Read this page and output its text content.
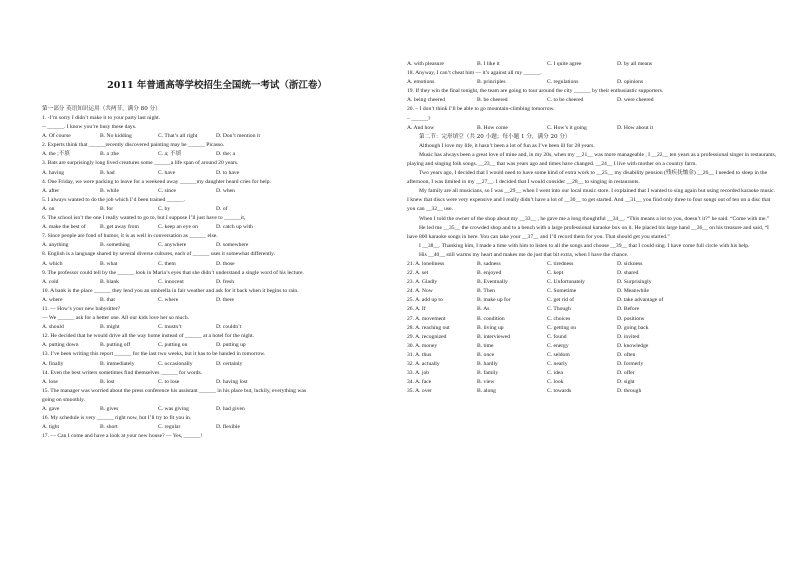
2011 年普通高等学校招生全国统一考试（浙江卷）
第一部分 英语知识运用（共两节，满分 80 分）
1. -I’m sorry I didn’t make it to your party last night.
-- ______. I know you’re busy these days.
A. Of course	B. No kidding	C. That’s all right	D. Don’t mention it
2. Experts think that ______recently discovered painting may be ______ Picasso.
A. the ;不填	B. a ;the	C. a; 不填	D. the; a
3. Bats are surprisingly long lived creatures some ______a life span of around 20 years.
A. having	B. had	C. have	D. to have
4. One Friday, we were packing to leave for a weekend away ______my daughter heard cries for help.
A. after	B. while	C. since	D. when
5. I always wanted to do the job which I’d been trained ______.
A. on	B. for	C. by	D. of
6. The school isn’t the one I really wanted to go to, but I suppose I’ll just have to ______it,
A. make the best of	B. get away from	C. keep an eye on	D. catch up with
7. Since people are fond of humor, it is as well in conversation as ______ else.
A. anything	B. something	C. anywhere	D. somewhere
8. English is a language shared by several diverse cultures, each of ______ uses it somewhat differently.
A. which	B. what	C. them	D. those
9. The professor could tell by the ______ look in Maria’s eyes that she didn’t understand a single word of his lecture.
A. cold	B. blank	C. innocent	D. fresh
10. A bank is the place ______ they lend you an umbrella in fair weather and ask for it back when it begins to rain.
A. where	B. that	C. where	D. there
11. — How’s your new babysitter?
— We ______ ask for a better one. All our kids love her so much.
A. should	B. might	C. mustn’t	D. couldn’t
12. He decided that he would drive all the way home instead of ______ at a hotel for the night.
A. putting down	B. putting off	C. putting on	D. putting up
13. I’ve been writing this report ______ for the last two weeks, but it has to be handed in tomorrow.
A. finally	B. immediately	C. occasionally	D. certainly
14. Even the best writers sometimes find themselves ______ for words.
A. lose	B. lost	C. to lose	D. having lost
15. The manager was worried about the press conference his assistant ______ in his place but, luckily, everything was
going on smoothly.
A. gave	B. gives	C. was giving	D. had given
16. My schedule is very ______ right now, but I’ll try to fit you in.
A. tight	B. short	C. regular	D. flexible
17. — Can I come and have a look at your new house? — Yes, ______!
A. with pleasure	B. I like it	C. I quite agree	D. by all means
18. Anyway, I can’t cheat him — it’s against all my ______.
A. emotions	B. principles	C. regulations	D. opinions
19. If they win the final tonight, the team are going to tour around the city ______ by their enthusiastic supporters.
A. being cheered	B. be cheered	C. to be cheered	D. were cheered
20. – I don’t think I’ll be able to go mountain-climbing tomorrow.
– ______?
A. And how	B. How come	C. How’s it going	D. How about it
第二节：完形填空（共 20 小题；每小题 1 分，满分 20 分）
Although I love my life, it hasn’t been a lot of fun as I’ve been ill for 28 years.
Music has always been a great love of mine and, in my 20s, when my __21__ was more manageable , I __22__ ten years as a professional singer in restaurants, playing and singing folk songs. __23__ that was years ago and times have changed. __24__ I live with mother on a country farm.
Two years ago, I decided that I would need to have some kind of extra work to __25__ my disability pension (残疾抚恤金) __26__ I needed to sleep in the afternoon, I was limited in my __27__. I decided that I would consider __28__ to singing in restaurants.
My family are all musicians, so I was __29__ when I went into our local music store. I explained that I wanted to sing again but using recorded karaoke music. I knew that discs were very expensive and I really didn’t have a lot of __30__ to get started. And __31__ you find only three to four songs out of ten on a disc that you can __32__ use.
When I told the owner of the shop about my __33__ , he gave me a long thoughtful __34__. “This means a lot to you, doesn’t it?” he said. “Come with me.”
He led me __35__ the crowded shop and to a bench with a large professional karaoke box on it. He placed his large hand __36__ on his treasure and said, “I have 800 karaoke songs in here. You can take your __37__ and I’ll record them for you. That should get you started.”
I __38__. Thanking him, I made a time with him to listen to all the songs and choose __39__ that I could sing. I have come full circle with his help.
His __40__ still warms my heart and makes me do just that bit extra, when I have the chance.
21. A. loneliness	B. sadness	C. tiredness	D. sickness
22. A. set	B. enjoyed	C. kept	D. shared
23. A. Gladly	B. Eventually	C. Unfortunately	D. Surprisingly
24. A. Now	B. Then	C. Sometime	D. Meanwhile
25. A. add up to	B. make up for	C. get rid of	D. take advantage of
26. A. If	B. As	C. Though	D. Before
27. A. movement	B. condition	C. choices	D. positions
28. A. reaching out	B. living up	C. getting on	D. going back
29. A. recognized	B. interviewed	C. found	D. invited
30. A. money	B. time	C. energy	D. knowledge
31. A. thus	B. once	C. seldom	D. often
32. A. actually	B. hardly	C. nearly	D. formerly
33. A. job	B. family	C. idea	D. offer
34. A. face	B. view	C. look	D. sight
35. A. over	B. along	C. towards	D. through
